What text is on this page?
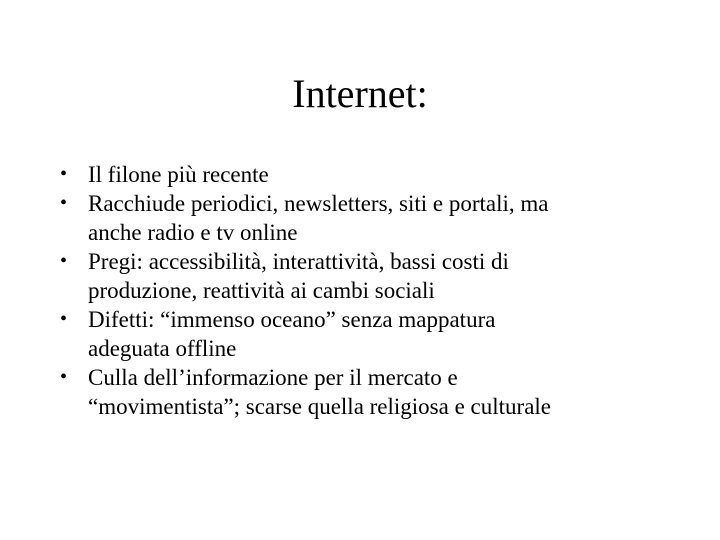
Internet:
• Il filone più recente
• Racchiude periodici, newsletters, siti e portali, ma
anche radio e tv online
• Pregi: accessibilità, interattività, bassi costi di
produzione, reattività ai cambi sociali
• Difetti: “immenso oceano” senza mappatura
adeguata offline
• Culla dell’informazione per il mercato e
“movimentista”; scarse quella religiosa e culturale
